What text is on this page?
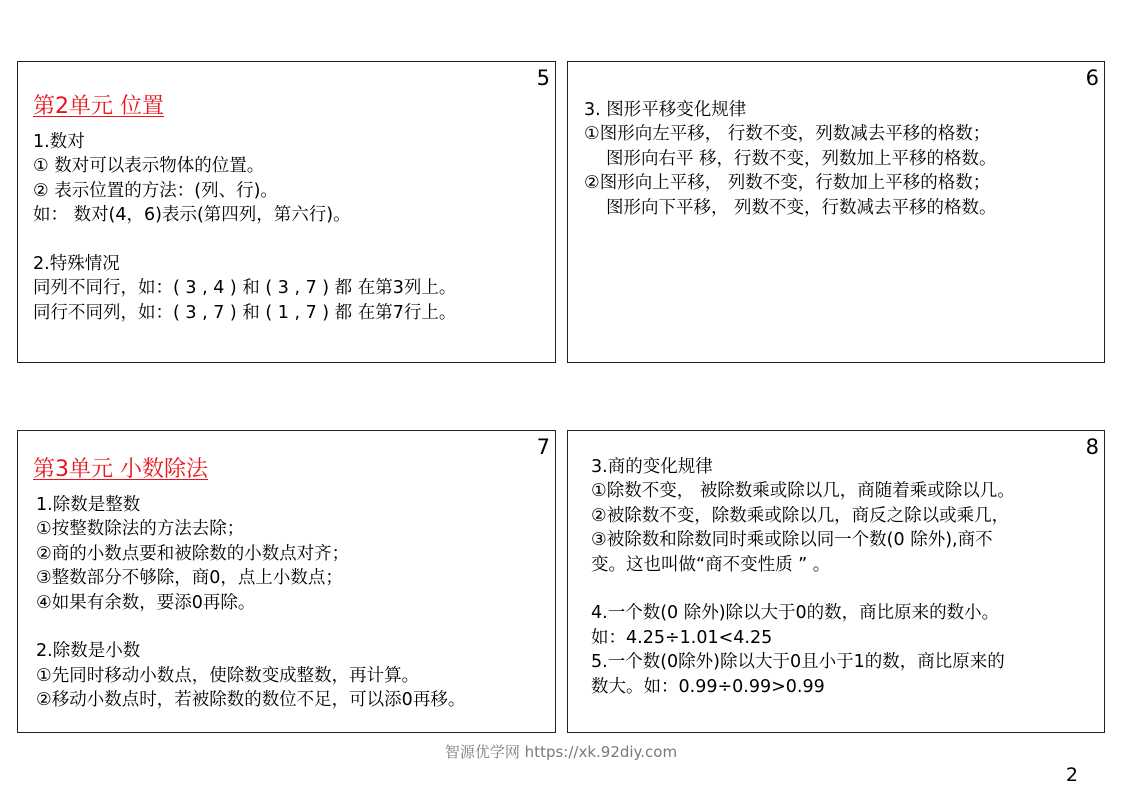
5
第2单元 位置
1.数对
① 数对可以表示物体的位置。
② 表示位置的方法：(列、行)。
如： 数对(4，6)表示(第四列，第六行)。
2.特殊情况
同列不同行，如：( 3 , 4 ) 和 ( 3 , 7 ) 都 在第3列上。
同行不同列，如：( 3 , 7 ) 和 ( 1 , 7 ) 都 在第7行上。
6
3. 图形平移变化规律
①图形向左平移， 行数不变，列数减去平移的格数；
图形向右平 移，行数不变，列数加上平移的格数。
②图形向上平移， 列数不变，行数加上平移的格数；
图形向下平移， 列数不变，行数减去平移的格数。
7
第3单元 小数除法
1.除数是整数
①按整数除法的方法去除；
②商的小数点要和被除数的小数点对齐；
③整数部分不够除，商0，点上小数点；
④如果有余数，要添0再除。
2.除数是小数
①先同时移动小数点，使除数变成整数，再计算。
②移动小数点时，若被除数的数位不足，可以添0再移。
8
3.商的变化规律
①除数不变， 被除数乘或除以几，商随着乘或除以几。
②被除数不变，除数乘或除以几，商反之除以或乘几，
③被除数和除数同时乘或除以同一个数(0 除外),商不
变。这也叫做“商不变性质 ” 。
4.一个数(0 除外)除以大于0的数，商比原来的数小。
如：4.25÷1.01<4.25
5.一个数(0除外)除以大于0且小于1的数，商比原来的
数大。如：0.99÷0.99>0.99
智源优学网 https://xk.92diy.com
2
